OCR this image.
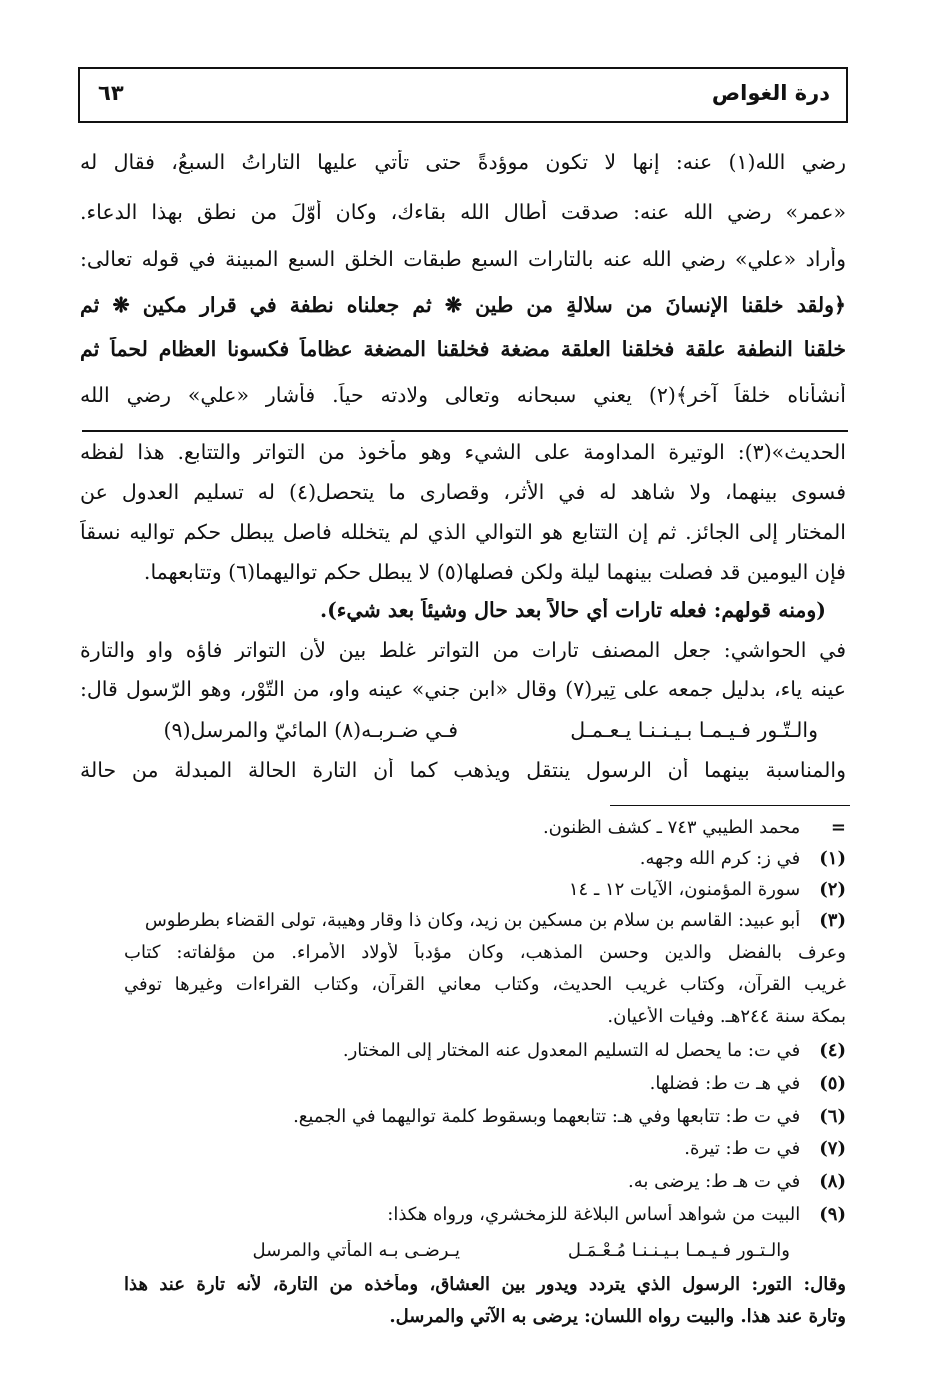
درة الغواص
٦٣
رضي الله(١) عنه: إنها لا تكون موؤدةً حتى تأتي عليها التاراتُ السبعُ، فقال له
«عمر» رضي الله عنه: صدقت أطال الله بقاءك، وكان أوّلَ من نطق بهذا الدعاء.
وأراد «علي» رضي الله عنه بالتارات السبع طبقات الخلق السبع المبينة في قوله تعالى:
﴿ولقد خلقنا الإنسانَ من سلالةٍ من طين ❋ ثم جعلناه نطفة في قرار مكين ❋ ثم
خلقنا النطفة علقة فخلقنا العلقة مضغة فخلقنا المضغة عظاماً فكسونا العظام لحماً ثم
أنشأناه خلقاً آخر﴾(٢) يعني سبحانه وتعالى ولادته حياً. فأشار «علي» رضي الله
الحديث»(٣): الوتيرة المداومة على الشيء وهو مأخوذ من التواتر والتتابع. هذا لفظه
فسوى بينهما، ولا شاهد له في الأثر، وقصارى ما يتحصل(٤) له تسليم العدول عن
المختار إلى الجائز. ثم إن التتابع هو التوالي الذي لم يتخلله فاصل يبطل حكم تواليه نسقاً
فإن اليومين قد فصلت بينهما ليلة ولكن فصلها(٥) لا يبطل حكم تواليهما(٦) وتتابعهما.
(ومنه قولهم: فعله تارات أي حالاً بعد حال وشيئاً بعد شيء).
في الحواشي: جعل المصنف تارات من التواتر غلط بين لأن التواتر فاؤه واو والتارة
عينه ياء، بدليل جمعه على تِير(٧) وقال «ابن جني» عينه واو، من التّوْر، وهو الرّسول قال:
والـتّـور فـيـمـا بـيـنـنـا يـعـمـل
فـي ضـربـه(٨) المائيّ والمرسل(٩)
والمناسبة بينهما أن الرسول ينتقل ويذهب كما أن التارة الحالة المبدلة من حالة
= محمد الطيبي ٧٤٣ ـ كشف الظنون.
(١) في ز: كرم الله وجهه.
(٢) سورة المؤمنون، الآيات ١٢ ـ ١٤
(٣) أبو عبيد: القاسم بن سلام بن مسكين بن زيد، وكان ذا وقار وهيبة، تولى القضاء بطرطوس
وعرف بالفضل والدين وحسن المذهب، وكان مؤدباً لأولاد الأمراء. من مؤلفاته: كتاب
غريب القرآن، وكتاب غريب الحديث، وكتاب معاني القرآن، وكتاب القراءات وغيرها توفي
بمكة سنة ٢٤٤هـ. وفيات الأعيان.
(٤) في ت: ما يحصل له التسليم المعدول عنه المختار إلى المختار.
(٥) في هـ ت ط: فضلها.
(٦) في ت ط: تتابعها وفي هـ: تتابعهما وبسقوط كلمة تواليهما في الجميع.
(٧) في ت ط: تيرة.
(٨) في ت هـ ط: يرضى به.
(٩) البيت من شواهد أساس البلاغة للزمخشري، ورواه هكذا:
والـتـور فـيـمـا بـيـنـنـا مُـعْـمَـل
يـرضـى بـه المأتي والمرسل
وقال: التور: الرسول الذي يتردد ويدور بين العشاق، ومأخذه من التارة، لأنه تارة عند هذا
وتارة عند هذا. والبيت رواه اللسان: يرضى به الآتي والمرسل.
